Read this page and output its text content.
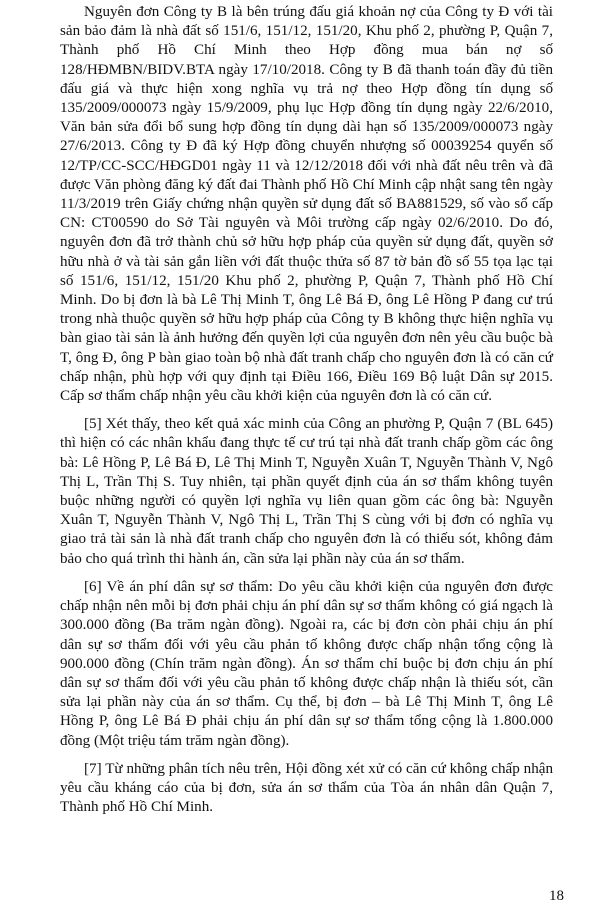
Nguyên đơn Công ty B là bên trúng đấu giá khoản nợ của Công ty Đ với tài sản bảo đảm là nhà đất số 151/6, 151/12, 151/20, Khu phố 2, phường P, Quận 7, Thành phố Hồ Chí Minh theo Hợp đồng mua bán nợ số 128/HĐMBN/BIDV.BTA ngày 17/10/2018. Công ty B đã thanh toán đầy đủ tiền đấu giá và thực hiện xong nghĩa vụ trả nợ theo Hợp đồng tín dụng số 135/2009/000073 ngày 15/9/2009, phụ lục Hợp đồng tín dụng ngày 22/6/2010, Văn bản sửa đổi bổ sung hợp đồng tín dụng dài hạn số 135/2009/000073 ngày 27/6/2013. Công ty Đ đã ký Hợp đồng chuyển nhượng số 00039254 quyển số 12/TP/CC-SCC/HĐGD01 ngày 11 và 12/12/2018 đối với nhà đất nêu trên và đã được Văn phòng đăng ký đất đai Thành phố Hồ Chí Minh cập nhật sang tên ngày 11/3/2019 trên Giấy chứng nhận quyền sử dụng đất số BA881529, số vào sổ cấp CN: CT00590 do Sở Tài nguyên và Môi trường cấp ngày 02/6/2010. Do đó, nguyên đơn đã trở thành chủ sở hữu hợp pháp của quyền sử dụng đất, quyền sở hữu nhà ở và tài sản gắn liền với đất thuộc thửa số 87 tờ bản đồ số 55 tọa lạc tại số 151/6, 151/12, 151/20 Khu phố 2, phường P, Quận 7, Thành phố Hồ Chí Minh. Do bị đơn là bà Lê Thị Minh T, ông Lê Bá Đ, ông Lê Hồng P đang cư trú trong nhà thuộc quyền sở hữu hợp pháp của Công ty B không thực hiện nghĩa vụ bàn giao tài sản là ảnh hưởng đến quyền lợi của nguyên đơn nên yêu cầu buộc bà T, ông Đ, ông P bàn giao toàn bộ nhà đất tranh chấp cho nguyên đơn là có căn cứ chấp nhận, phù hợp với quy định tại Điều 166, Điều 169 Bộ luật Dân sự 2015. Cấp sơ thẩm chấp nhận yêu cầu khởi kiện của nguyên đơn là có căn cứ.

[5] Xét thấy, theo kết quả xác minh của Công an phường P, Quận 7 (BL 645) thì hiện có các nhân khẩu đang thực tế cư trú tại nhà đất tranh chấp gồm các ông bà: Lê Hồng P, Lê Bá Đ, Lê Thị Minh T, Nguyễn Xuân T, Nguyễn Thành V, Ngô Thị L, Trần Thị S. Tuy nhiên, tại phần quyết định của án sơ thẩm không tuyên buộc những người có quyền lợi nghĩa vụ liên quan gồm các ông bà: Nguyễn Xuân T, Nguyễn Thành V, Ngô Thị L, Trần Thị S cùng với bị đơn có nghĩa vụ giao trả tài sản là nhà đất tranh chấp cho nguyên đơn là có thiếu sót, không đảm bảo cho quá trình thi hành án, cần sửa lại phần này của án sơ thẩm.

[6] Về án phí dân sự sơ thẩm: Do yêu cầu khởi kiện của nguyên đơn được chấp nhận nên mỗi bị đơn phải chịu án phí dân sự sơ thẩm không có giá ngạch là 300.000 đồng (Ba trăm ngàn đồng). Ngoài ra, các bị đơn còn phải chịu án phí dân sự sơ thẩm đối với yêu cầu phản tố không được chấp nhận tổng cộng là 900.000 đồng (Chín trăm ngàn đồng). Án sơ thẩm chỉ buộc bị đơn chịu án phí dân sự sơ thẩm đối với yêu cầu phản tố không được chấp nhận là thiếu sót, cần sửa lại phần này của án sơ thẩm. Cụ thể, bị đơn – bà Lê Thị Minh T, ông Lê Hồng P, ông Lê Bá Đ phải chịu án phí dân sự sơ thẩm tổng cộng là 1.800.000 đồng (Một triệu tám trăm ngàn đồng).

[7] Từ những phân tích nêu trên, Hội đồng xét xử có căn cứ không chấp nhận yêu cầu kháng cáo của bị đơn, sửa án sơ thẩm của Tòa án nhân dân Quận 7, Thành phố Hồ Chí Minh.

18
